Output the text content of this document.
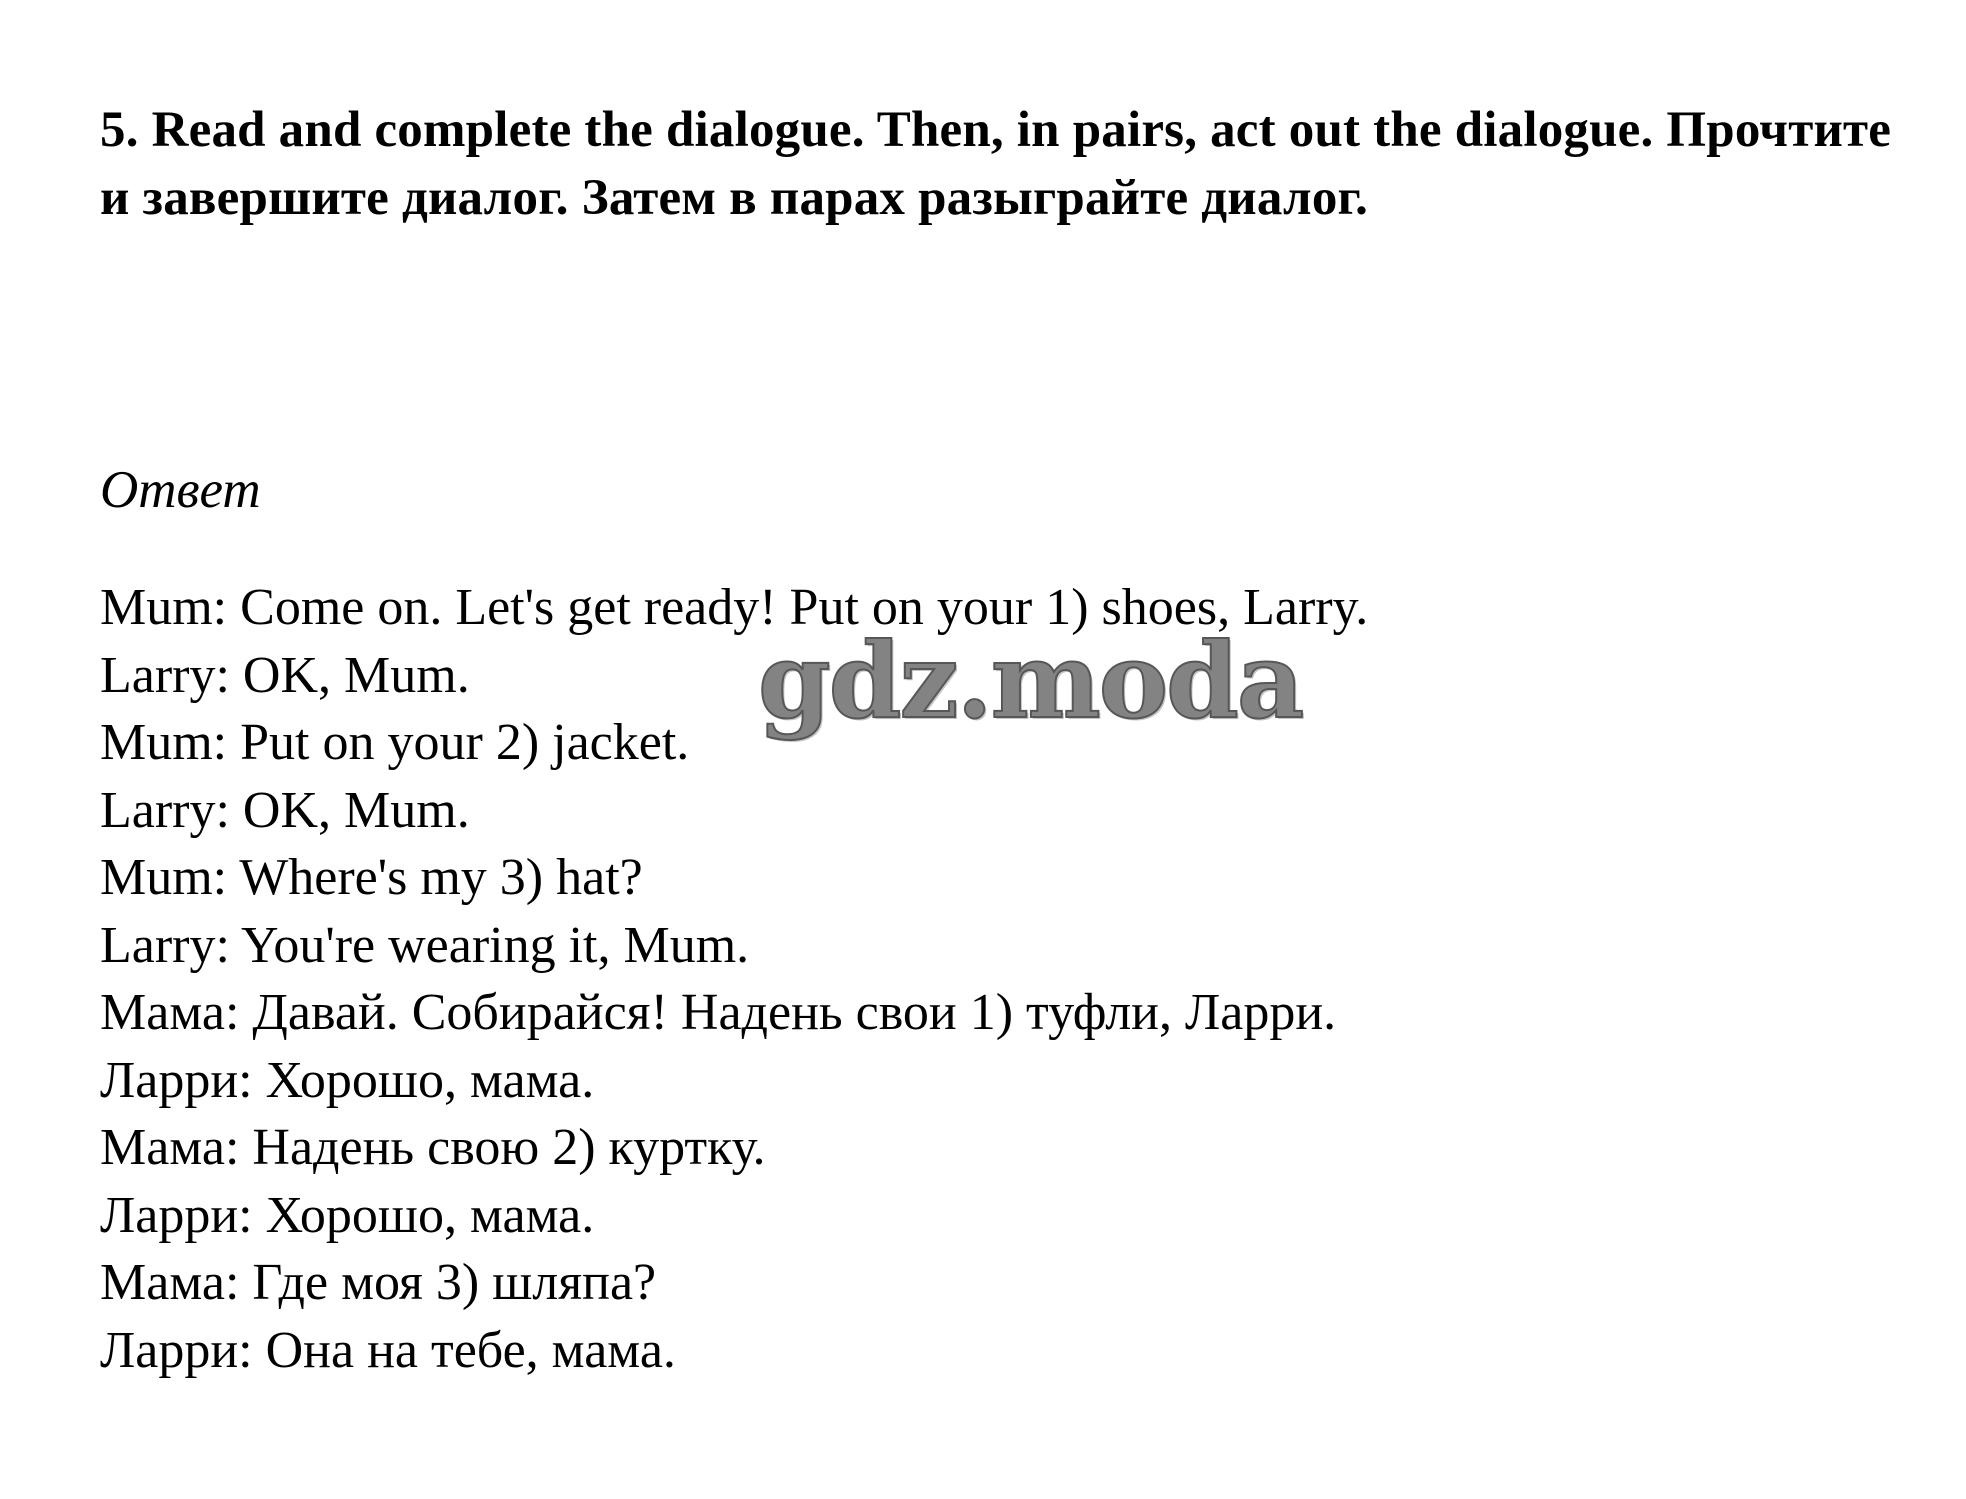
5. Read and complete the dialogue. Then, in pairs, act out the dialogue. Прочтите и завершите диалог. Затем в парах разыграйте диалог.
Ответ
Mum: Come on. Let's get ready! Put on your 1) shoes, Larry.
Larry: OK, Mum.
Mum: Put on your 2) jacket.
Larry: OK, Mum.
Mum: Where's my 3) hat?
Larry: You're wearing it, Mum.
Мама: Давай. Собирайся! Надень свои 1) туфли, Ларри.
Ларри: Хорошо, мама.
Мама: Надень свою 2) куртку.
Ларри: Хорошо, мама.
Мама: Где моя 3) шляпа?
Ларри: Она на тебе, мама.
gdz.moda
